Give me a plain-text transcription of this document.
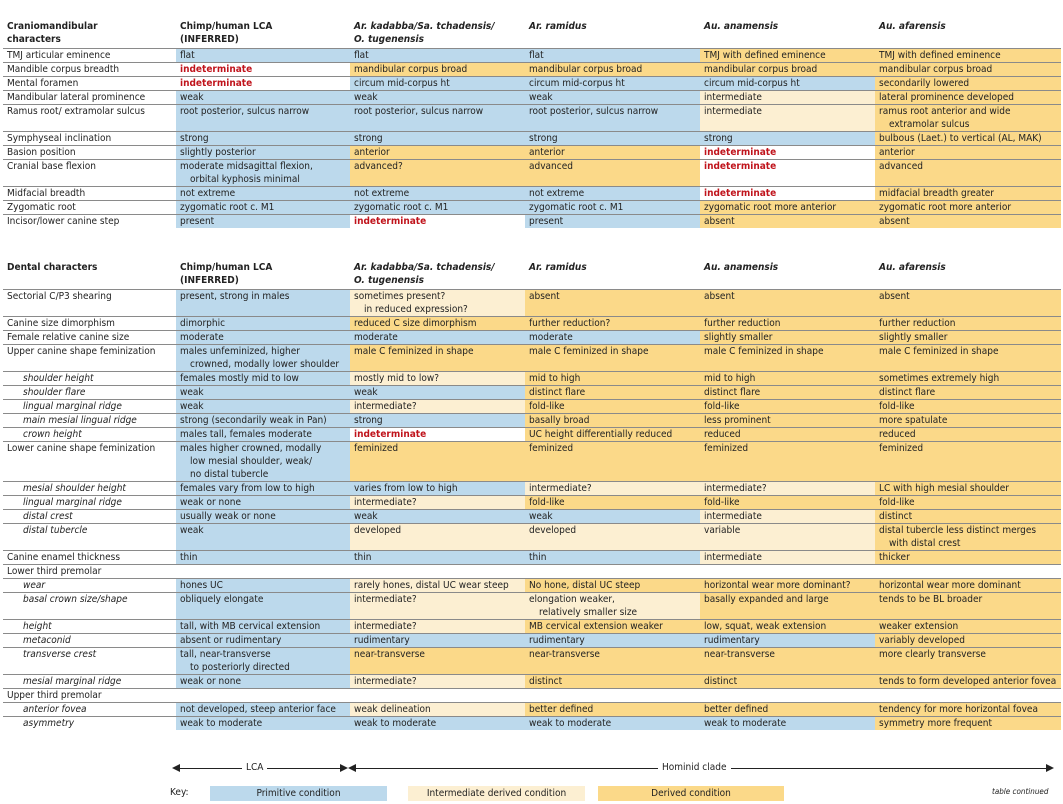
Craniomandibular
characters	Chimp/human LCA
(INFERRED)	Ar. kadabba/Sa. tchadensis/
O. tugenensis	Ar. ramidus	Au. anamensis	Au. afarensis
TMJ articular eminence	flat	flat	flat	TMJ with defined eminence	TMJ with defined eminence

Mandible corpus breadth	indeterminate	mandibular corpus broad	mandibular corpus broad	mandibular corpus broad	mandibular corpus broad

Mental foramen	indeterminate	circum mid-corpus ht	circum mid-corpus ht	circum mid-corpus ht	secondarily lowered

Mandibular lateral prominence	weak	weak	weak	intermediate	lateral prominence developed

Ramus root/ extramolar sulcus	root posterior, sulcus narrow	root posterior, sulcus narrow	root posterior, sulcus narrow	intermediate	ramus root anterior and wide
extramolar sulcus

Symphyseal inclination	strong	strong	strong	strong	bulbous (Laet.) to vertical (AL, MAK)

Basion position	slightly posterior	anterior	anterior	indeterminate	anterior

Cranial base flexion	moderate midsagittal flexion,
orbital kyphosis minimal	advanced?	advanced	indeterminate	advanced

Midfacial breadth	not extreme	not extreme	not extreme	indeterminate	midfacial breadth greater

Zygomatic root	zygomatic root c. M1	zygomatic root c. M1	zygomatic root c. M1	zygomatic root more anterior	zygomatic root more anterior

Incisor/lower canine step	present	indeterminate	present	absent	absent
Dental characters	Chimp/human LCA
(INFERRED)	Ar. kadabba/Sa. tchadensis/
O. tugenensis	Ar. ramidus	Au. anamensis	Au. afarensis
Sectorial C/P3 shearing	present, strong in males	sometimes present?
in reduced expression?	absent	absent	absent

Canine size dimorphism	dimorphic	reduced C size dimorphism	further reduction?	further reduction	further reduction

Female relative canine size	moderate	moderate	moderate	slightly smaller	slightly smaller

Upper canine shape feminization	males unfeminized, higher
crowned, modally lower shoulder	male C feminized in shape	male C feminized in shape	male C feminized in shape	male C feminized in shape

shoulder height	females mostly mid to low	mostly mid to low?	mid to high	mid to high	sometimes extremely high

shoulder flare	weak	weak	distinct flare	distinct flare	distinct flare

lingual marginal ridge	weak	intermediate?	fold-like	fold-like	fold-like

main mesial lingual ridge	strong (secondarily weak in Pan)	strong	basally broad	less prominent	more spatulate

crown height	males tall, females moderate	indeterminate	UC height differentially reduced	reduced	reduced

Lower canine shape feminization	males higher crowned, modally
low mesial shoulder, weak/
no distal tubercle	feminized	feminized	feminized	feminized

mesial shoulder height	females vary from low to high	varies from low to high	intermediate?	intermediate?	LC with high mesial shoulder

lingual marginal ridge	weak or none	intermediate?	fold-like	fold-like	fold-like

distal crest	usually weak or none	weak	weak	intermediate	distinct

distal tubercle	weak	developed	developed	variable	distal tubercle less distinct merges
with distal crest

Canine enamel thickness	thin	thin	thin	intermediate	thicker

Lower third premolar	

wear	hones UC	rarely hones, distal UC wear steep	No hone, distal UC steep	horizontal wear more dominant?	horizontal wear more dominant

basal crown size/shape	obliquely elongate	intermediate?	elongation weaker,
relatively smaller size	basally expanded and large	tends to be BL broader

height	tall, with MB cervical extension	intermediate?	MB cervical extension weaker	low, squat, weak extension	weaker extension

metaconid	absent or rudimentary	rudimentary	rudimentary	rudimentary	variably developed

transverse crest	tall, near-transverse
to posteriorly directed	near-transverse	near-transverse	near-transverse	more clearly transverse

mesial marginal ridge	weak or none	intermediate?	distinct	distinct	tends to form developed anterior fovea

Upper third premolar	

anterior fovea	not developed, steep anterior face	weak delineation	better defined	better defined	tendency for more horizontal fovea

asymmetry	weak to moderate	weak to moderate	weak to moderate	weak to moderate	symmetry more frequent
LCA	Hominid clade
Key:	Primitive condition	Intermediate derived condition	Derived condition	table continued
